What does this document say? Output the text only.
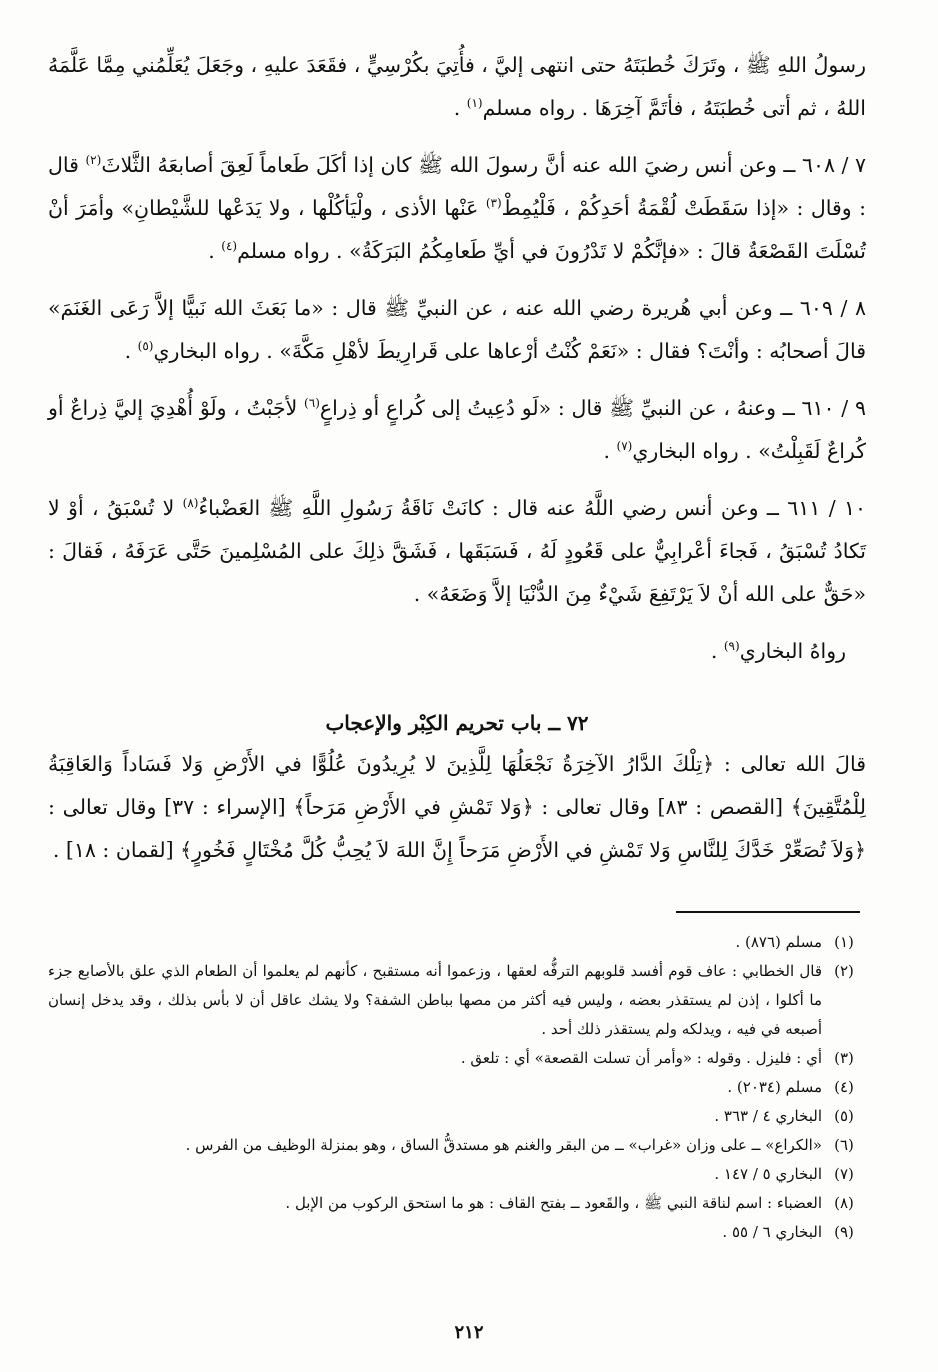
رسولُ اللهِ ﷺ ، وتَرَكَ خُطبَتَهُ حتى انتهى إليَّ ، فأُتِيَ بكُرْسِيٍّ ، فقَعَدَ عليهِ ، وجَعَلَ يُعَلِّمُني مِمَّا عَلَّمَهُ اللهُ ، ثم أتى خُطبَتَهُ ، فأتَمَّ آخِرَهَا . رواه مسلم$^{(١)}$ .

٧ / ٦٠٨ ــ وعن أنس رضيَ الله عنه أنَّ رسولَ الله ﷺ كان إذا أكَلَ طَعاماً لَعِقَ أصابعَهُ الثَّلاثَ$^{(٢)}$ قال : وقال : «إذا سَقَطَتْ لُقْمَةُ أحَدِكُمْ ، فَلْيُمِطْ$^{(٣)}$ عَنْها الأذى ، ولْيَأكُلْها ، ولا يَدَعْها للشَّيْطانِ» وأمَرَ أنْ تُسْلَتَ القَصْعَةُ قالَ : «فإنَّكُمْ لا تَدْرُونَ في أيِّ طَعامِكُمُ البَرَكَةُ» . رواه مسلم$^{(٤)}$ .

٨ / ٦٠٩ ــ وعن أبي هُريرة رضي الله عنه ، عن النبيِّ ﷺ قال : «ما بَعَثَ الله نَبيًّا إلاَّ رَعَى الغَنَمَ» قالَ أصحابُه : وأنْتَ؟ فقال : «نَعَمْ كُنْتُ أرْعاها على قَرارِيطَ لأهْلِ مَكَّةَ» . رواه البخاري$^{(٥)}$ .

٩ / ٦١٠ ــ وعنهُ ، عن النبيِّ ﷺ قال : «لَو دُعِيتُ إلى كُراعٍ أو ذِراعٍ$^{(٦)}$ لأجَبْتُ ، ولَوْ أُهْدِيَ إليَّ ذِراعٌ أو كُراعٌ لَقَبِلْتُ» . رواه البخاري$^{(٧)}$ .

١٠ / ٦١١ ــ وعن أنس رضي اللَّهُ عنه قال : كانَتْ نَاقَةُ رَسُولِ اللَّهِ ﷺ العَضْباءُ$^{(٨)}$ لا تُسْبَقُ ، أوْ لا تَكادُ تُسْبَقُ ، فَجاءَ أعْرابِيٌّ على قَعُودٍ لَهُ ، فَسَبَقَها ، فَشَقَّ ذلِكَ على المُسْلِمينَ حَتَّى عَرَفَهُ ، فَقالَ : «حَقٌّ على الله أنْ لاَ يَرْتَفِعَ شَيْءٌ مِنَ الدُّنْيَا إلاَّ وَضَعَهُ» .

رواهُ البخاري$^{(٩)}$ .

٧٢ ــ باب تحريم الكِبْر والإعجاب

قالَ الله تعالى : ﴿تِلْكَ الدَّارُ الآخِرَةُ نَجْعَلُهَا لِلَّذِينَ لا يُرِيدُونَ عُلُوًّا في الأَرْضِ وَلا فَسَاداً وَالعَاقِبَةُ لِلْمُتَّقِينَ﴾ [القصص : ٨٣] وقال تعالى : ﴿وَلا تَمْشِ في الأَرْضِ مَرَحاً﴾ [الإسراء : ٣٧] وقال تعالى : ﴿وَلاَ تُصَعِّرْ خَدَّكَ لِلنَّاسِ وَلا تَمْشِ في الأَرْضِ مَرَحاً إِنَّ اللهَ لاَ يُحِبُّ كُلَّ مُخْتَالٍ فَخُورٍ﴾ [لقمان : ١٨] .

(١)
مسلم (٨٧٦) .
(٢)
قال الخطابي : عاف قوم أفسد قلوبهم الترفُّه لعقها ، وزعموا أنه مستقبح ، كأنهم لم يعلموا أن الطعام الذي علق بالأصابع جزء ما أكلوا ، إذن لم يستقذر بعضه ، وليس فيه أكثر من مصها بباطن الشفة؟ ولا يشك عاقل أن لا بأس بذلك ، وقد يدخل إنسان أصبعه في فيه ، ويدلكه ولم يستقذر ذلك أحد .
(٣)
أي : فليزل . وقوله : «وأمر أن تسلت القصعة» أي : تلعق .
(٤)
مسلم (٢٠٣٤) .
(٥)
البخاري ٤ / ٣٦٣ .
(٦)
«الكراع» ــ على وزان «غراب» ــ من البقر والغنم هو مستدقُّ الساق ، وهو بمنزلة الوظيف من الفرس .
(٧)
البخاري ٥ / ١٤٧ .
(٨)
العضباء : اسم لناقة النبي ﷺ ، والقَعود ــ بفتح القاف : هو ما استحق الركوب من الإبل .
(٩)
البخاري ٦ / ٥٥ .
٢١٢
